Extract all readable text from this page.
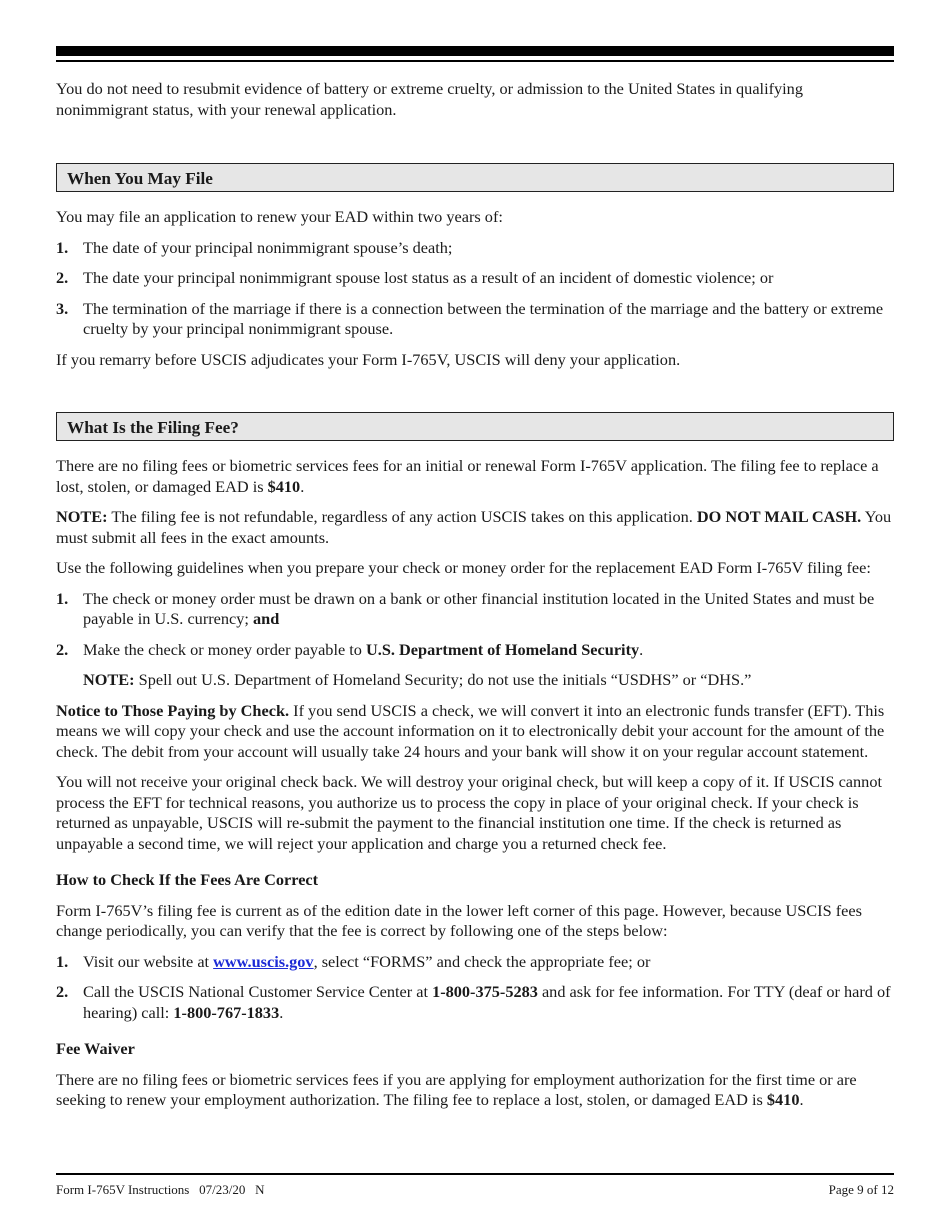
You do not need to resubmit evidence of battery or extreme cruelty, or admission to the United States in qualifying nonimmigrant status, with your renewal application.

When You May File

You may file an application to renew your EAD within two years of:

1. The date of your principal nonimmigrant spouse’s death;
2. The date your principal nonimmigrant spouse lost status as a result of an incident of domestic violence; or
3. The termination of the marriage if there is a connection between the termination of the marriage and the battery or extreme cruelty by your principal nonimmigrant spouse.

If you remarry before USCIS adjudicates your Form I-765V, USCIS will deny your application.

What Is the Filing Fee?

There are no filing fees or biometric services fees for an initial or renewal Form I-765V application. The filing fee to replace a lost, stolen, or damaged EAD is $410.

NOTE: The filing fee is not refundable, regardless of any action USCIS takes on this application. DO NOT MAIL CASH. You must submit all fees in the exact amounts.

Use the following guidelines when you prepare your check or money order for the replacement EAD Form I-765V filing fee:

1. The check or money order must be drawn on a bank or other financial institution located in the United States and must be payable in U.S. currency; and
2. Make the check or money order payable to U.S. Department of Homeland Security.

NOTE: Spell out U.S. Department of Homeland Security; do not use the initials “USDHS” or “DHS.”

Notice to Those Paying by Check. If you send USCIS a check, we will convert it into an electronic funds transfer (EFT). This means we will copy your check and use the account information on it to electronically debit your account for the amount of the check. The debit from your account will usually take 24 hours and your bank will show it on your regular account statement.

You will not receive your original check back. We will destroy your original check, but will keep a copy of it. If USCIS cannot process the EFT for technical reasons, you authorize us to process the copy in place of your original check. If your check is returned as unpayable, USCIS will re-submit the payment to the financial institution one time. If the check is returned as unpayable a second time, we will reject your application and charge you a returned check fee.

How to Check If the Fees Are Correct

Form I-765V’s filing fee is current as of the edition date in the lower left corner of this page. However, because USCIS fees change periodically, you can verify that the fee is correct by following one of the steps below:

1. Visit our website at www.uscis.gov, select “FORMS” and check the appropriate fee; or
2. Call the USCIS National Customer Service Center at 1-800-375-5283 and ask for fee information. For TTY (deaf or hard of hearing) call: 1-800-767-1833.
Fee Waiver

There are no filing fees or biometric services fees if you are applying for employment authorization for the first time or are seeking to renew your employment authorization. The filing fee to replace a lost, stolen, or damaged EAD is $410.

Form I-765V Instructions   07/23/20   N	Page 9 of 12
